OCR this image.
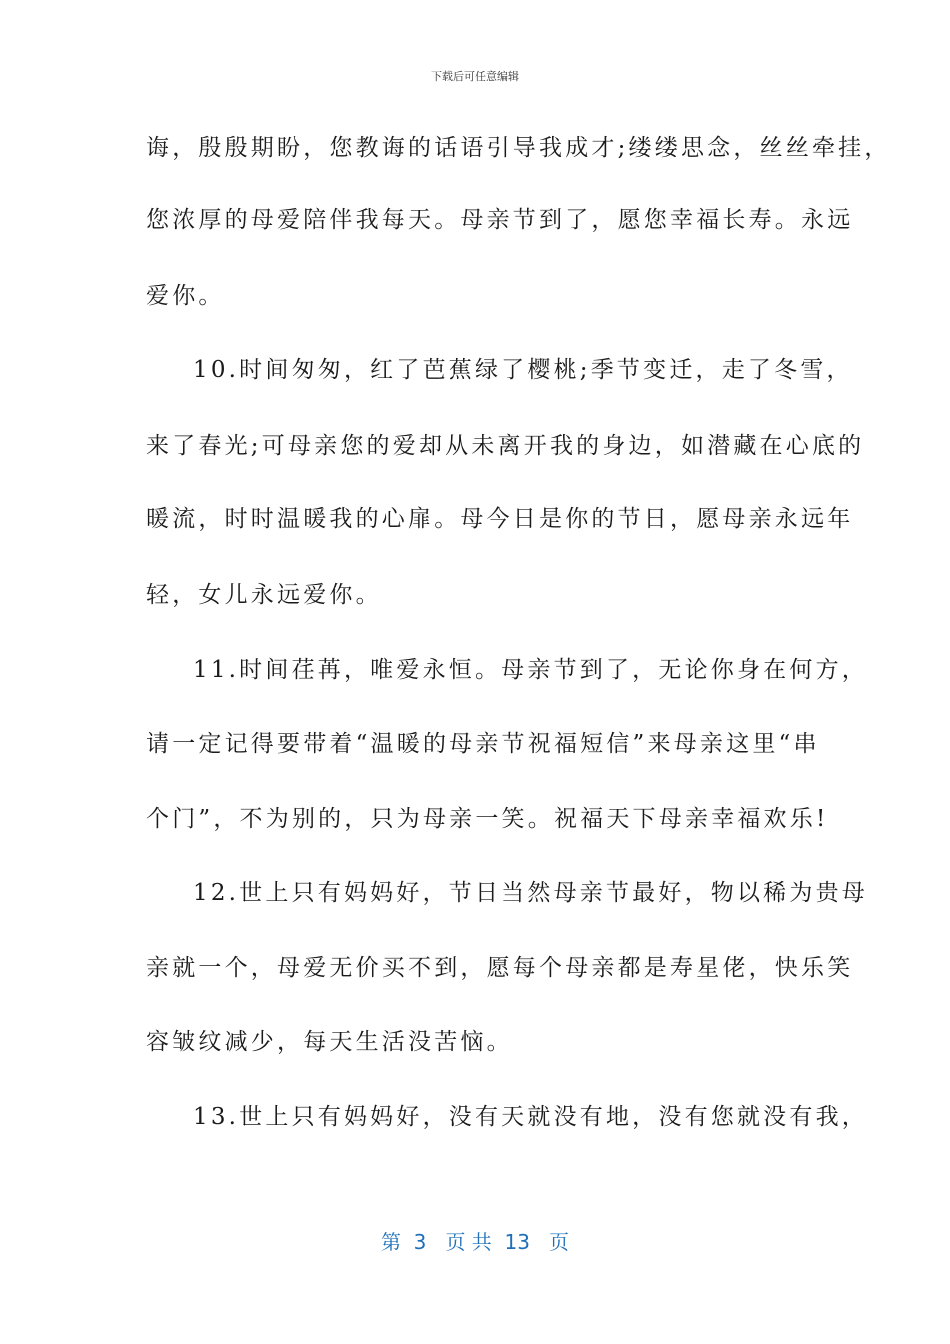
下载后可任意编辑
诲，殷殷期盼，您教诲的话语引导我成才;缕缕思念，丝丝牵挂，
您浓厚的母爱陪伴我每天。母亲节到了，愿您幸福长寿。永远
爱你。
10.时间匆匆，红了芭蕉绿了樱桃;季节变迁，走了冬雪，
来了春光;可母亲您的爱却从未离开我的身边，如潜藏在心底的
暖流，时时温暖我的心扉。母今日是你的节日，愿母亲永远年
轻，女儿永远爱你。
11.时间荏苒，唯爱永恒。母亲节到了，无论你身在何方，
请一定记得要带着“温暖的母亲节祝福短信”来母亲这里“串
个门”，不为别的，只为母亲一笑。祝福天下母亲幸福欢乐!
12.世上只有妈妈好，节日当然母亲节最好，物以稀为贵母
亲就一个，母爱无价买不到，愿每个母亲都是寿星佬，快乐笑
容皱纹减少，每天生活没苦恼。
13.世上只有妈妈好，没有天就没有地，没有您就没有我，
第  3   页 共  13   页
